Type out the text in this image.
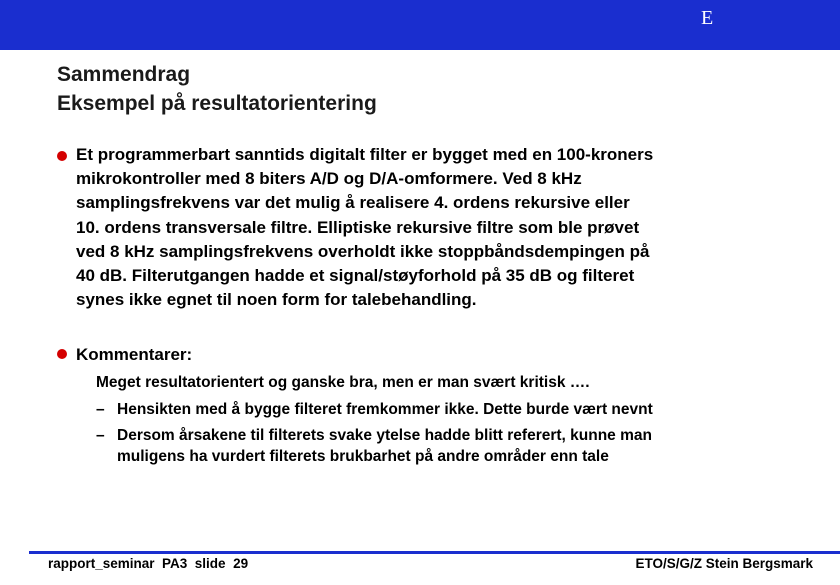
E
Sammendrag
Eksempel på resultatorientering
Et programmerbart sanntids digitalt filter er bygget med en 100-kroners
mikrokontroller med 8 biters A/D og D/A-omformere. Ved 8 kHz
samplingsfrekvens var det mulig å realisere 4. ordens rekursive eller
10. ordens transversale filtre. Elliptiske rekursive filtre som ble prøvet
ved 8 kHz samplingsfrekvens overholdt ikke stoppbåndsdempingen på
40 dB. Filterutgangen hadde et signal/støyforhold på 35 dB og filteret
synes ikke egnet til noen form for talebehandling.
Kommentarer:
Meget resultatorientert og ganske bra, men er man svært kritisk ….
– Hensikten med å bygge filteret fremkommer ikke. Dette burde vært nevnt
– Dersom årsakene til filterets svake ytelse hadde blitt referert, kunne man
muligens ha vurdert filterets brukbarhet på andre områder enn tale
rapport_seminar  PA3  slide  29	ETO/S/G/Z Stein Bergsmark
